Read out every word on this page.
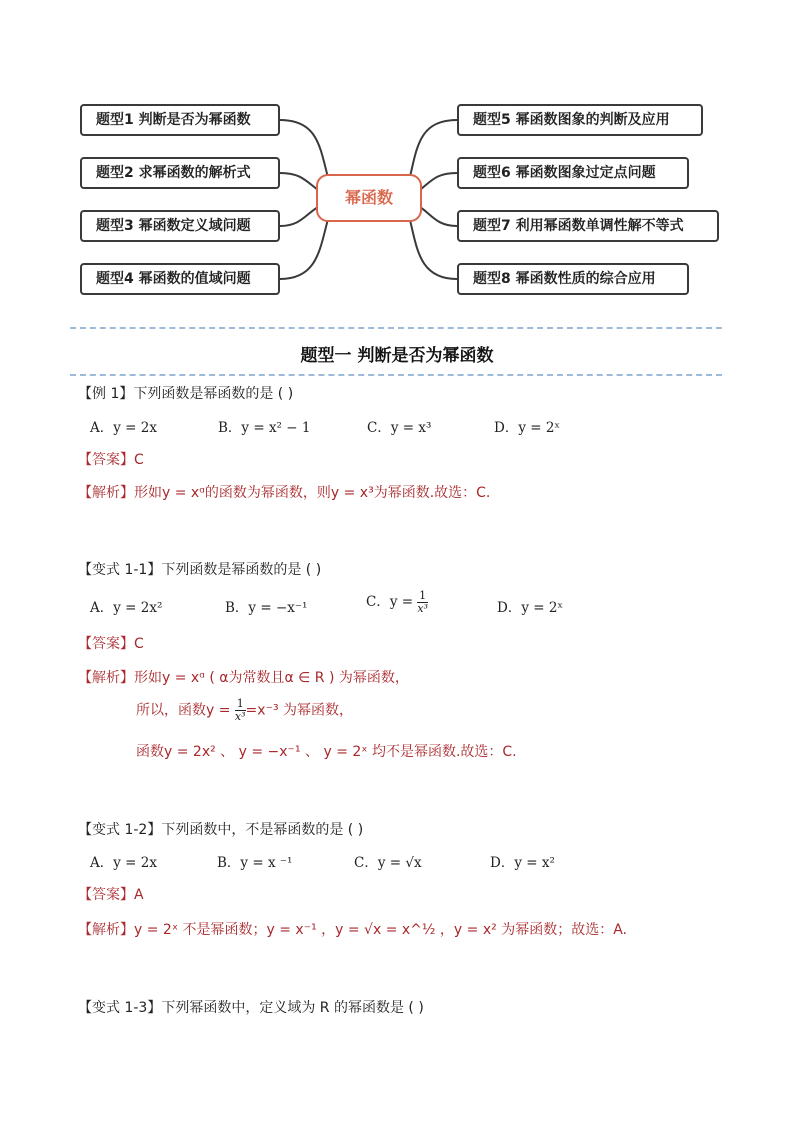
题型1 判断是否为幂函数
题型2 求幂函数的解析式
题型3 幂函数定义域问题
题型4 幂函数的值域问题
幂函数
题型5 幂函数图象的判断及应用
题型6 幂函数图象过定点问题
题型7 利用幂函数单调性解不等式
题型8 幂函数性质的综合应用
题型一 判断是否为幂函数
【例 1】下列函数是幂函数的是 ( )
A．y = 2x	B．y = x² − 1	C．y = x³	D．y = 2ˣ
【答案】C
【解析】形如y = xᵅ的函数为幂函数，则y = x³为幂函数.故选：C.
【变式 1-1】下列函数是幂函数的是 ( )
A．y = 2x²	B．y = −x⁻¹	C．$y = \frac{1}{\text{x³}}$	D．y = 2ˣ
【答案】C
【解析】形如y = xᵅ ( α为常数且α ∈ R ) 为幂函数，
所以，函数$y = \frac{1}{\text{x³}} =x^{-3}$ 为幂函数，
函数y = 2x² 、 y = −x⁻¹ 、 y = 2ˣ 均不是幂函数.故选：C.
【变式 1-2】下列函数中，不是幂函数的是 ( )
A．y = 2x	B．y = x ⁻¹	C．y = √x	D．y = x²
【答案】A
【解析】y = 2ˣ 不是幂函数；y = x⁻¹ ，y = √x = x^½ ，y = x² 为幂函数；故选：A.
【变式 1-3】下列幂函数中，定义域为 R 的幂函数是 ( )
